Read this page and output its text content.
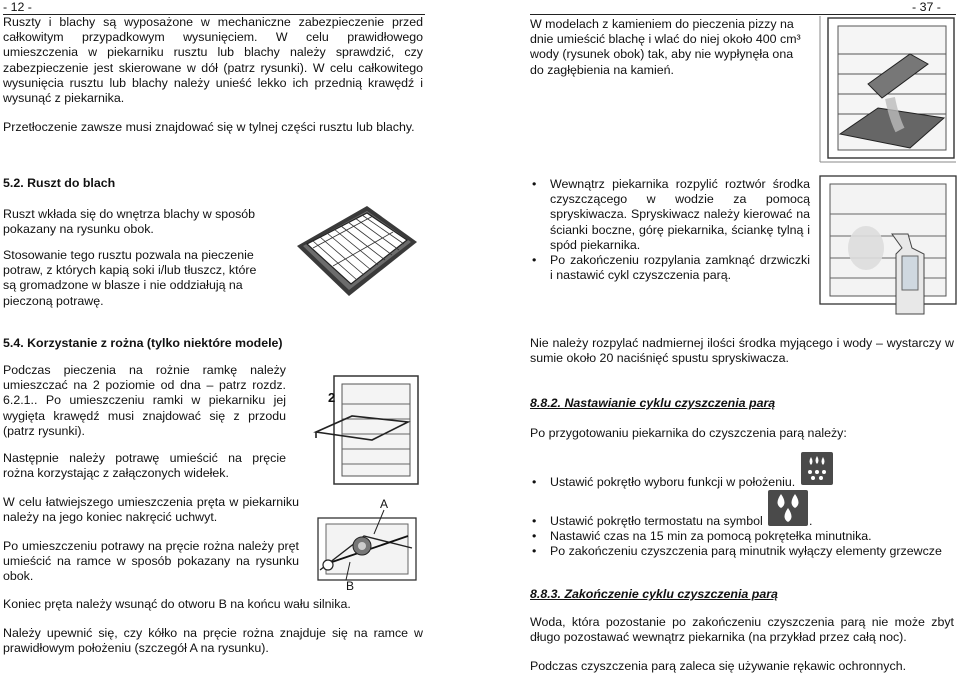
- 12 -	- 37 -

Ruszty i blachy są wyposażone w mechaniczne zabezpieczenie przed całkowitym przypadkowym wysunięciem. W celu prawidłowego umieszczenia w piekarniku rusztu lub blachy należy sprawdzić, czy zabezpieczenie jest skierowane w dół (patrz rysunki). W celu całkowitego wysunięcia rusztu lub blachy należy unieść lekko ich przednią krawędź i wysunąć z piekarnika.

Przetłoczenie zawsze musi znajdować się w tylnej części rusztu lub blachy.

5.2. Ruszt do blach

Ruszt wkłada się do wnętrza blachy w sposób pokazany na rysunku obok.

Stosowanie tego rusztu pozwala na pieczenie potraw, z których kapią soki i/lub tłuszcz, które są gromadzone w blasze i nie oddziałują na pieczoną potrawę.

5.4. Korzystanie z rożna (tylko niektóre modele)

Podczas pieczenia na rożnie ramkę należy umieszczać na 2 poziomie od dna – patrz rozdz. 6.2.1.. Po umieszczeniu ramki w piekarniku jej wygięta krawędź musi znajdować się z przodu (patrz rysunki).

Następnie należy potrawę umieścić na pręcie rożna korzystając z załączonych widełek.

W celu łatwiejszego umieszczenia pręta w piekarniku należy na jego koniec nakręcić uchwyt.

Po umieszczeniu potrawy na pręcie rożna należy pręt umieścić na ramce w sposób pokazany na rysunku obok.

Koniec pręta należy wsunąć do otworu B na końcu wału silnika.

Należy upewnić się, czy kółko na pręcie rożna znajduje się na ramce w prawidłowym położeniu (szczegół A na rysunku).

2
A
B

W modelach z kamieniem do pieczenia pizzy na dnie umieścić blachę i wlać do niej około 400 cm³ wody (rysunek obok) tak, aby nie wypłynęła ona do zagłębienia na kamień.

• Wewnątrz piekarnika rozpylić roztwór środka czyszczącego w wodzie za pomocą spryskiwacza. Spryskiwacz należy kierować na ścianki boczne, górę piekarnika, ściankę tylną i spód piekarnika.
• Po zakończeniu rozpylania zamknąć drzwiczki i nastawić cykl czyszczenia parą.

Nie należy rozpylać nadmiernej ilości środka myjącego i wody – wystarczy w sumie około 20 naciśnięć spustu spryskiwacza.

8.8.2. Nastawianie cyklu czyszczenia parą

Po przygotowaniu piekarnika do czyszczenia parą należy:

• Ustawić pokrętło wyboru funkcji w położeniu.
• Ustawić pokrętło termostatu na symbol	.
• Nastawić czas na 15 min za pomocą pokrętełka minutnika.
• Po zakończeniu czyszczenia parą minutnik wyłączy elementy grzewcze

8.8.3. Zakończenie cyklu czyszczenia parą

Woda, która pozostanie po zakończeniu czyszczenia parą nie może zbyt długo pozostawać wewnątrz piekarnika (na przykład przez całą noc).

Podczas czyszczenia parą zaleca się używanie rękawic ochronnych.
